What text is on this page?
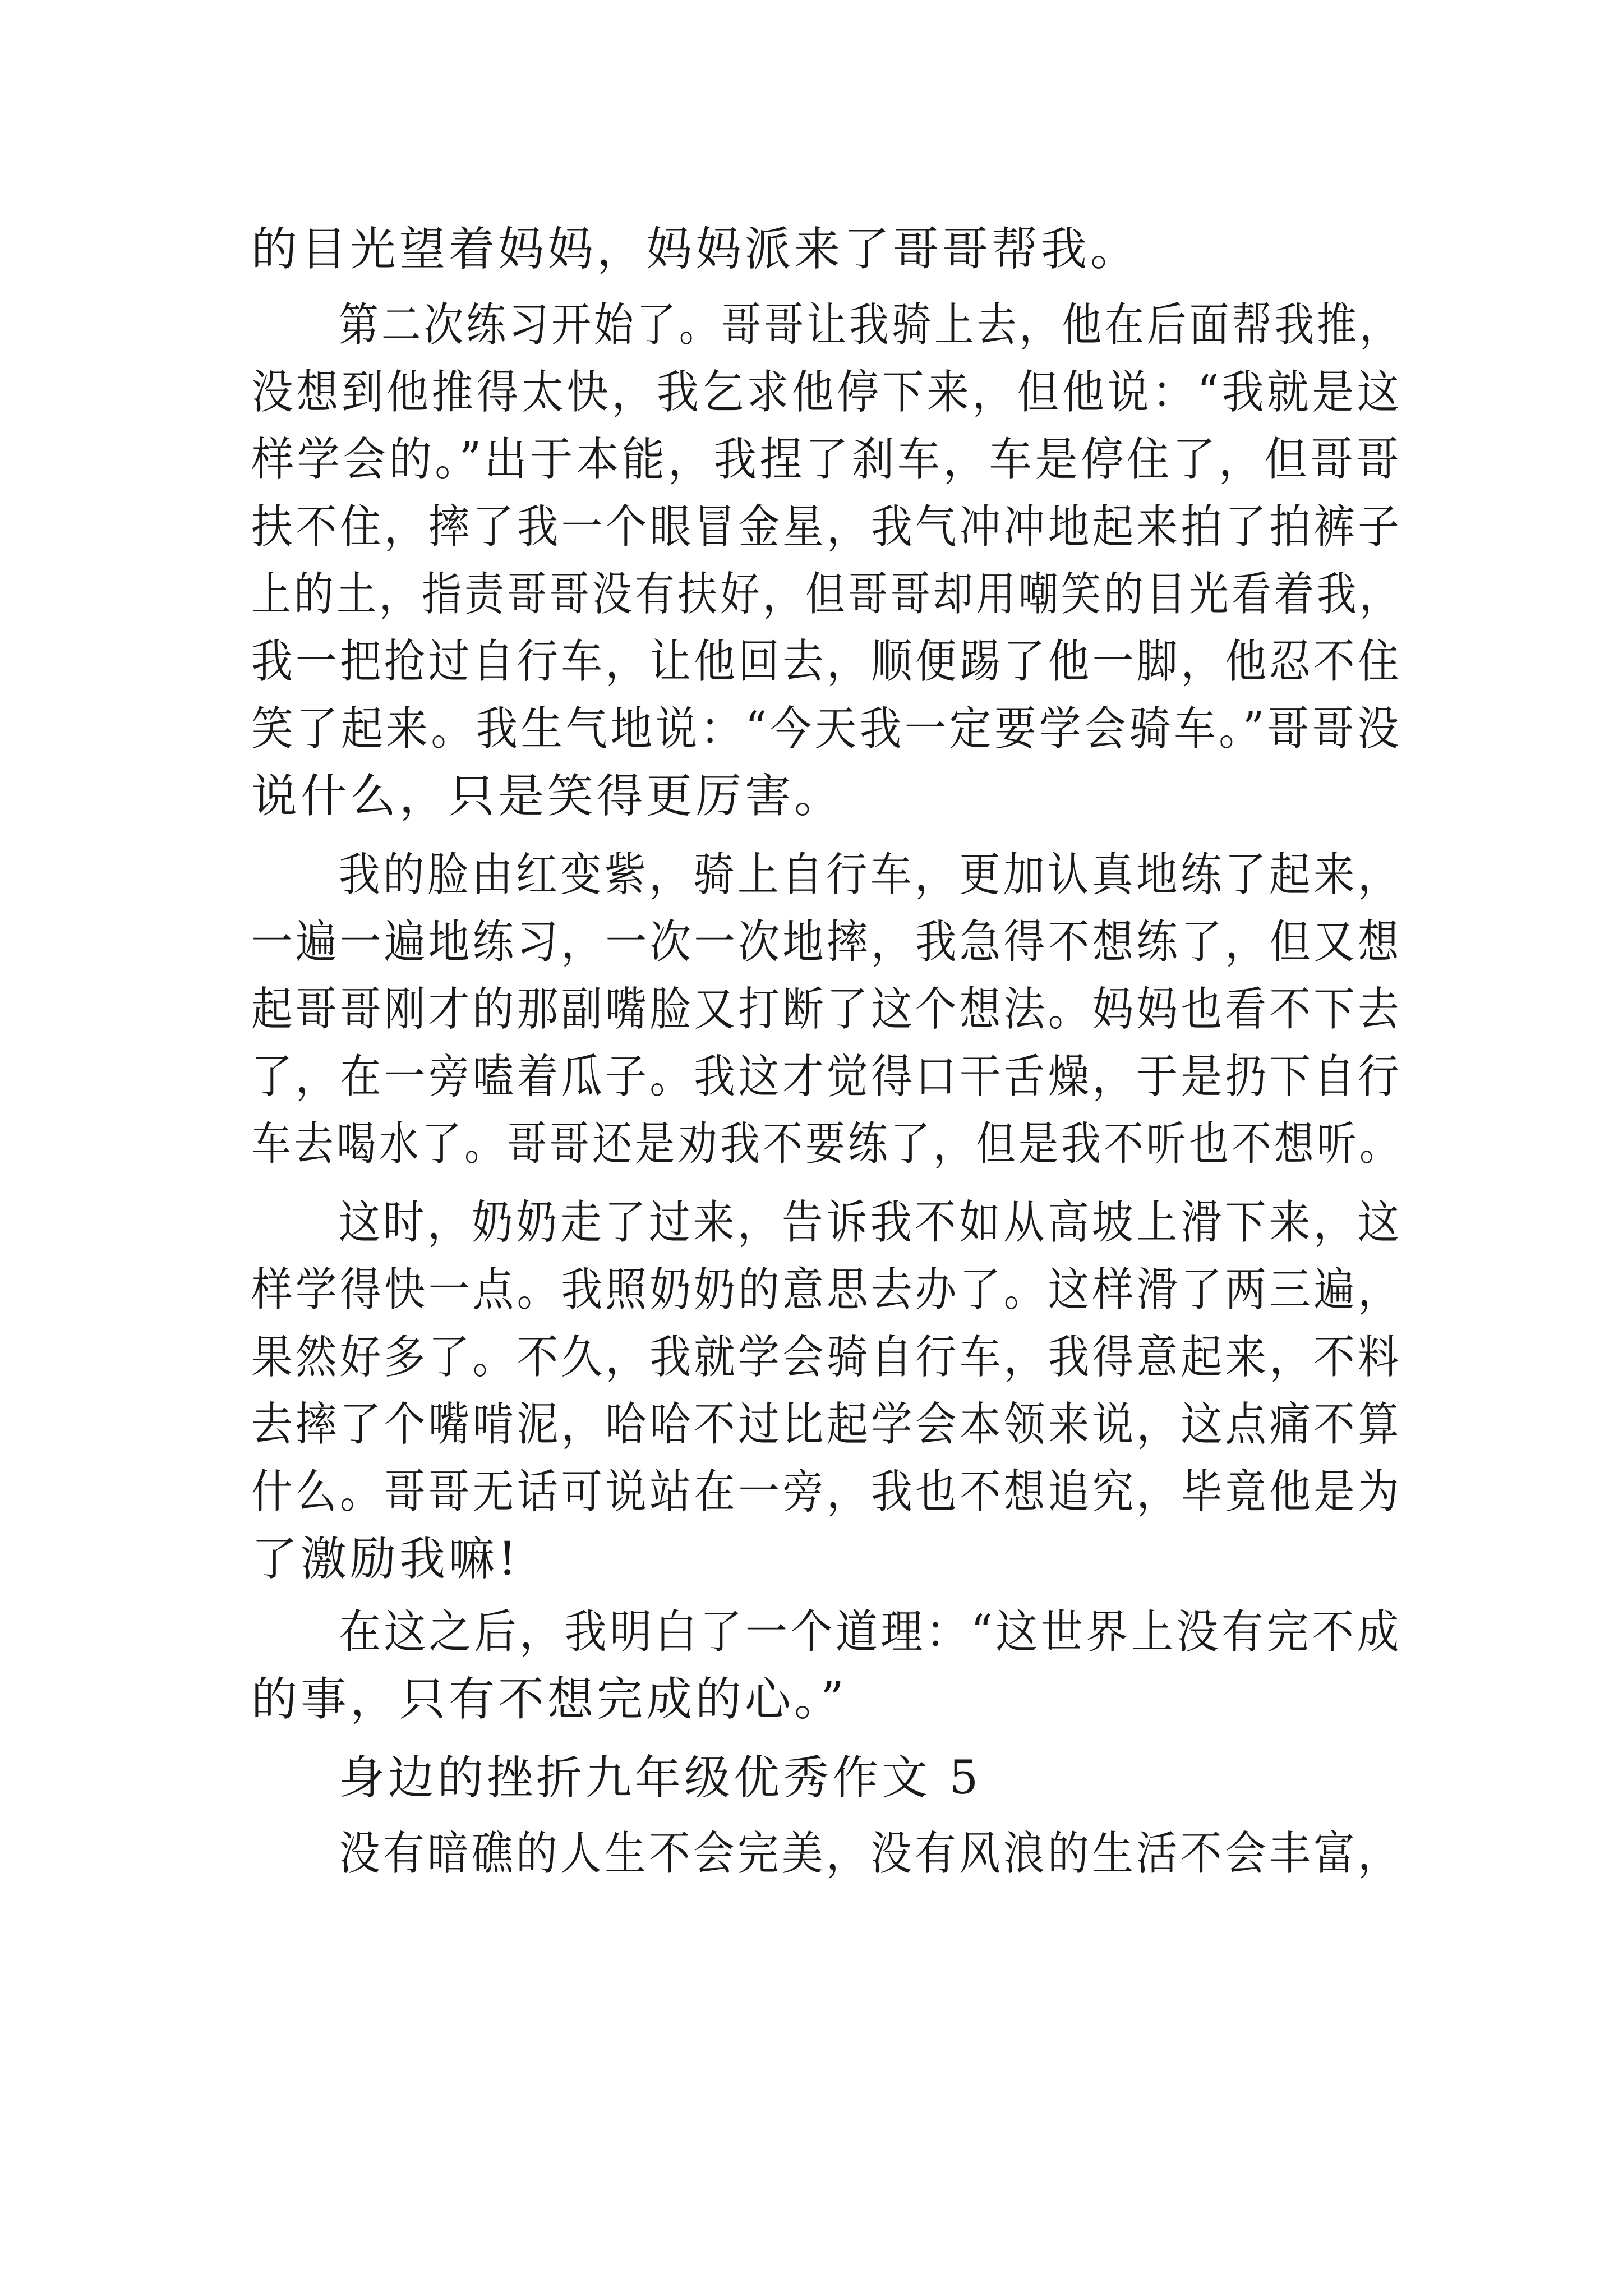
的目光望着妈妈，妈妈派来了哥哥帮我。
第二次练习开始了。哥哥让我骑上去，他在后面帮我推，
没想到他推得太快，我乞求他停下来，但他说：“我就是这
样学会的。”出于本能，我捏了刹车，车是停住了，但哥哥
扶不住，摔了我一个眼冒金星，我气冲冲地起来拍了拍裤子
上的土，指责哥哥没有扶好，但哥哥却用嘲笑的目光看着我，
我一把抢过自行车，让他回去，顺便踢了他一脚，他忍不住
笑了起来。我生气地说：“今天我一定要学会骑车。”哥哥没
说什么，只是笑得更厉害。
我的脸由红变紫，骑上自行车，更加认真地练了起来，
一遍一遍地练习，一次一次地摔，我急得不想练了，但又想
起哥哥刚才的那副嘴脸又打断了这个想法。妈妈也看不下去
了，在一旁嗑着瓜子。我这才觉得口干舌燥，于是扔下自行
车去喝水了。哥哥还是劝我不要练了，但是我不听也不想听。
这时，奶奶走了过来，告诉我不如从高坡上滑下来，这
样学得快一点。我照奶奶的意思去办了。这样滑了两三遍，
果然好多了。不久，我就学会骑自行车，我得意起来，不料
去摔了个嘴啃泥，哈哈不过比起学会本领来说，这点痛不算
什么。哥哥无话可说站在一旁，我也不想追究，毕竟他是为
了激励我嘛!
在这之后，我明白了一个道理：“这世界上没有完不成
的事，只有不想完成的心。”
身边的挫折九年级优秀作文 5
没有暗礁的人生不会完美，没有风浪的生活不会丰富，
